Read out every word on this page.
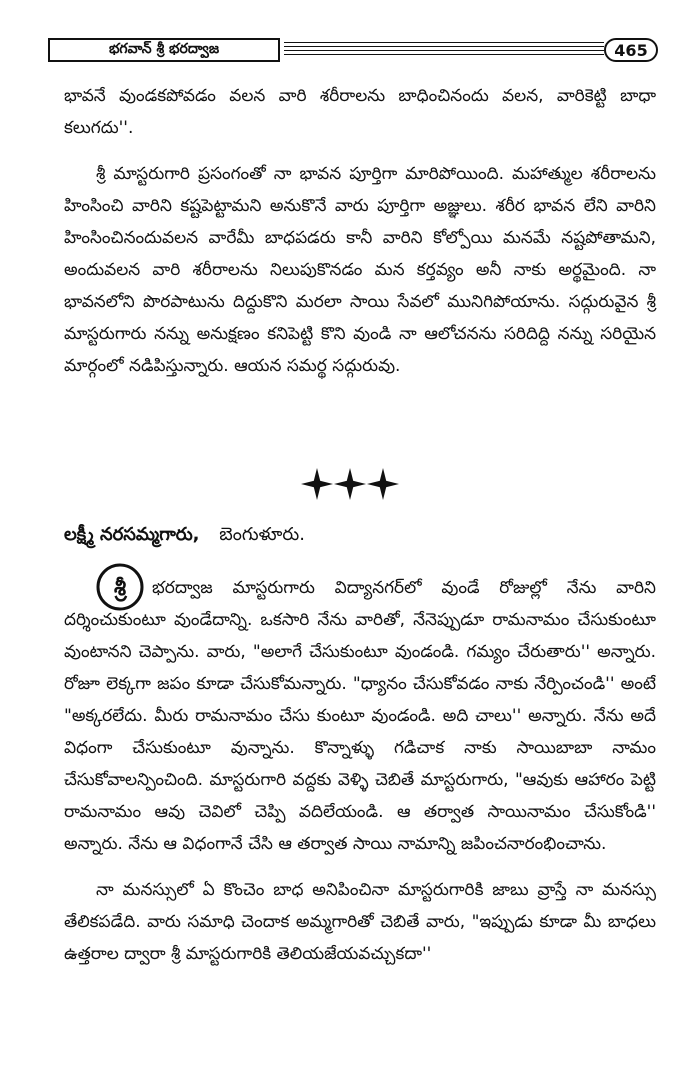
భగవాన్ శ్రీ భరద్వాజ	465

భావనే వుండకపోవడం వలన వారి శరీరాలను బాధించినందు వలన, వారికెట్టి బాధా కలుగదు''.

శ్రీ మాస్టరుగారి ప్రసంగంతో నా భావన పూర్తిగా మారిపోయింది. మహాత్ముల శరీరాలను హింసించి వారిని కష్టపెట్టామని అనుకొనే వారు పూర్తిగా అజ్ఞులు. శరీర భావన లేని వారిని హింసించినందువలన వారేమీ బాధపడరు కానీ వారిని కోల్పోయి మనమే నష్టపోతామని, అందువలన వారి శరీరాలను నిలుపుకొనడం మన కర్తవ్యం అనీ నాకు అర్థమైంది. నా భావనలోని పొరపాటును దిద్దుకొని మరలా సాయి సేవలో మునిగిపోయాను. సద్గురువైన శ్రీ మాస్టరుగారు నన్ను అనుక్షణం కనిపెట్టి కొని వుండి నా ఆలోచనను సరిదిద్ది నన్ను సరియైన మార్గంలో నడిపిస్తున్నారు. ఆయన సమర్థ సద్గురువు.

లక్ష్మీ నరసమ్మగారు, బెంగుళూరు.
శ్రీ	భరద్వాజ మాస్టరుగారు విద్యానగర్‌లో వుండే రోజుల్లో నేను వారిని దర్శించుకుంటూ వుండేదాన్ని. ఒకసారి నేను వారితో, నేనెప్పుడూ రామనామం చేసుకుంటూ వుంటానని చెప్పాను. వారు, "అలాగే చేసుకుంటూ వుండండి. గమ్యం చేరుతారు'' అన్నారు. రోజూ లెక్కగా జపం కూడా చేసుకోమన్నారు. "ధ్యానం చేసుకోవడం నాకు నేర్పించండి'' అంటే "అక్కరలేదు. మీరు రామనామం చేసు కుంటూ వుండండి. అది చాలు'' అన్నారు. నేను అదే విధంగా చేసుకుంటూ వున్నాను. కొన్నాళ్ళు గడిచాక నాకు సాయిబాబా నామం చేసుకోవాలన్పించింది. మాస్టరుగారి వద్దకు వెళ్ళి చెబితే మాస్టరుగారు, "ఆవుకు ఆహారం పెట్టి రామనామం ఆవు చెవిలో చెప్పి వదిలేయండి. ఆ తర్వాత సాయినామం చేసుకోండి'' అన్నారు. నేను ఆ విధంగానే చేసి ఆ తర్వాత సాయి నామాన్ని జపించనారంభించాను.

నా మనస్సులో ఏ కొంచెం బాధ అనిపించినా మాస్టరుగారికి జాబు వ్రాస్తే నా మనస్సు తేలికపడేది. వారు సమాధి చెందాక అమ్మగారితో చెబితే వారు, "ఇప్పుడు కూడా మీ బాధలు ఉత్తరాల ద్వారా శ్రీ మాస్టరుగారికి తెలియజేయవచ్చుకదా''
